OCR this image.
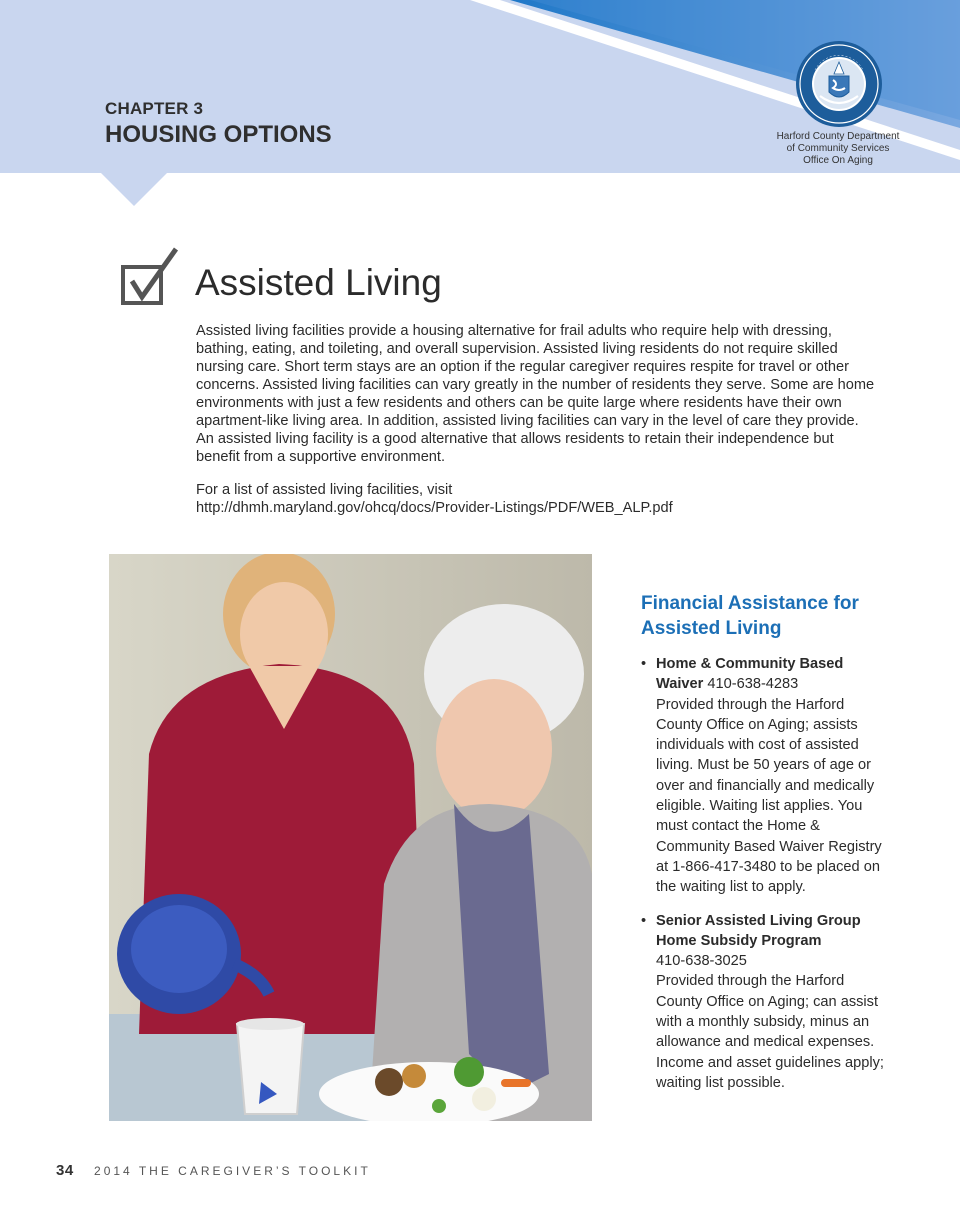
CHAPTER 3
HOUSING OPTIONS	Harford County Department
of Community Services
Office On Aging
Assisted Living

Assisted living facilities provide a housing alternative for frail adults who require help with dressing, bathing, eating, and toileting, and overall supervision. Assisted living residents do not require skilled nursing care. Short term stays are an option if the regular caregiver requires respite for travel or other concerns. Assisted living facilities can vary greatly in the number of residents they serve. Some are home environments with just a few residents and others can be quite large where residents have their own apartment-like living area. In addition, assisted living facilities can vary in the level of care they provide. An assisted living facility is a good alternative that allows residents to retain their independence but benefit from a supportive environment.

For a list of assisted living facilities, visit
http://dhmh.maryland.gov/ohcq/docs/Provider-Listings/PDF/WEB_ALP.pdf

Financial Assistance for Assisted Living
• Home & Community Based Waiver 410-638-4283
Provided through the Harford County Office on Aging; assists individuals with cost of assisted living. Must be 50 years of age or over and financially and medically eligible. Waiting list applies. You must contact the Home & Community Based Waiver Registry at 1-866-417-3480 to be placed on the waiting list to apply.
• Senior Assisted Living Group Home Subsidy Program
410-638-3025
Provided through the Harford County Office on Aging; can assist with a monthly subsidy, minus an allowance and medical expenses. Income and asset guidelines apply; waiting list possible.
34 2014 THE CAREGIVER’S TOOLKIT
